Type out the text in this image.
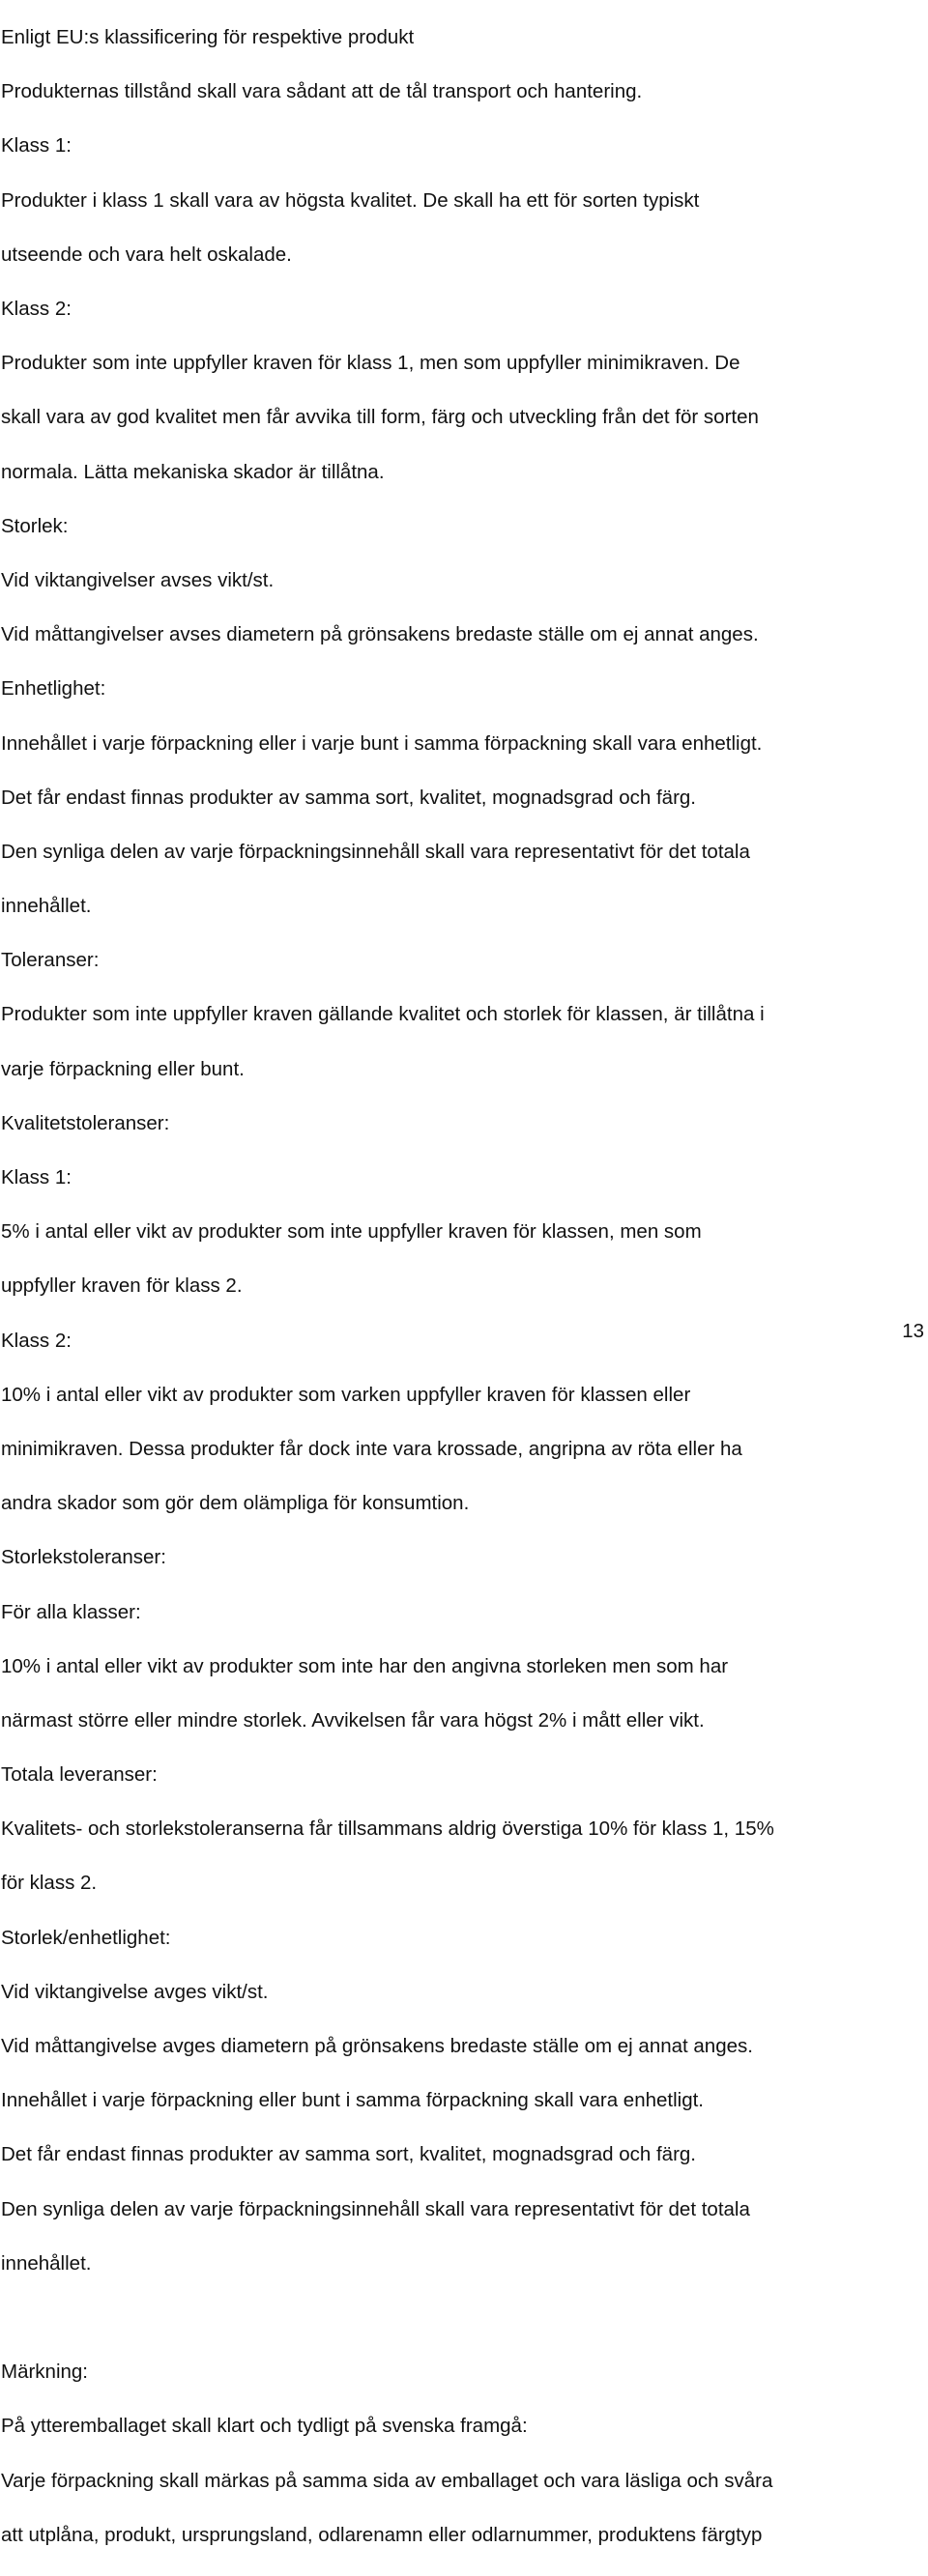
Enligt EU:s klassificering för respektive produkt

Produkternas tillstånd skall vara sådant att de tål transport och hantering.

Klass 1:

Produkter i klass 1 skall vara av högsta kvalitet. De skall ha ett för sorten typiskt

utseende och vara helt oskalade.

Klass 2:

Produkter som inte uppfyller kraven för klass 1, men som uppfyller minimikraven. De

skall vara av god kvalitet men får avvika till form, färg och utveckling från det för sorten

normala. Lätta mekaniska skador är tillåtna.

Storlek:

Vid viktangivelser avses vikt/st.

Vid måttangivelser avses diametern på grönsakens bredaste ställe om ej annat anges.

Enhetlighet:

Innehållet i varje förpackning eller i varje bunt i samma förpackning skall vara enhetligt.

Det får endast finnas produkter av samma sort, kvalitet, mognadsgrad och färg.

Den synliga delen av varje förpackningsinnehåll skall vara representativt för det totala

innehållet.

Toleranser:

Produkter som inte uppfyller kraven gällande kvalitet och storlek för klassen, är tillåtna i

varje förpackning eller bunt.

Kvalitetstoleranser:

Klass 1:

5% i antal eller vikt av produkter som inte uppfyller kraven för klassen, men som

uppfyller kraven för klass 2.

Klass 2:

10% i antal eller vikt av produkter som varken uppfyller kraven för klassen eller

minimikraven. Dessa produkter får dock inte vara krossade, angripna av röta eller ha

andra skador som gör dem olämpliga för konsumtion.

Storlekstoleranser:

För alla klasser:

10% i antal eller vikt av produkter som inte har den angivna storleken men som har

närmast större eller mindre storlek. Avvikelsen får vara högst 2% i mått eller vikt.

Totala leveranser:

Kvalitets- och storlekstoleranserna får tillsammans aldrig överstiga 10% för klass 1, 15%

för klass 2.

Storlek/enhetlighet:

Vid viktangivelse avges vikt/st.

Vid måttangivelse avges diametern på grönsakens bredaste ställe om ej annat anges.

Innehållet i varje förpackning eller bunt i samma förpackning skall vara enhetligt.

Det får endast finnas produkter av samma sort, kvalitet, mognadsgrad och färg.

Den synliga delen av varje förpackningsinnehåll skall vara representativt för det totala

innehållet.

Märkning:

På ytteremballaget skall klart och tydligt på svenska framgå:

Varje förpackning skall märkas på samma sida av emballaget och vara läsliga och svåra

att utplåna, produkt, ursprungsland, odlarenamn eller odlarnummer, produktens färgtyp

13
